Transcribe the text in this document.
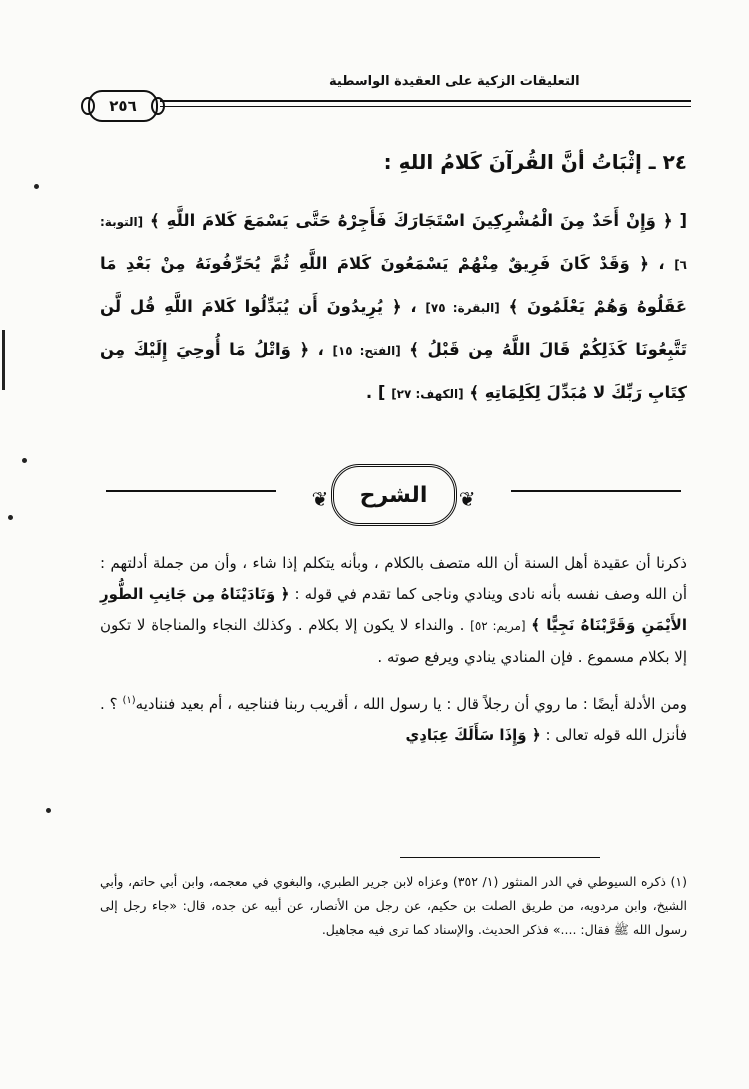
التعليقات الزكية على العقيدة الواسطية
٢٥٦
٢٤ ـ إثْبَاتُ أنَّ القُرآنَ كَلامُ اللهِ :
[ ﴿ وَإِنْ أَحَدٌ مِنَ الْمُشْرِكِينَ اسْتَجَارَكَ فَأَجِرْهُ حَتَّى يَسْمَعَ كَلامَ اللَّهِ ﴾ [التوبة: ٦] ، ﴿ وَقَدْ كَانَ فَرِيقٌ مِنْهُمْ يَسْمَعُونَ كَلامَ اللَّهِ ثُمَّ يُحَرِّفُونَهُ مِنْ بَعْدِ مَا عَقَلُوهُ وَهُمْ يَعْلَمُونَ ﴾ [البقرة: ٧٥] ، ﴿ يُرِيدُونَ أَن يُبَدِّلُوا كَلامَ اللَّهِ قُل لَّن تَتَّبِعُونَا كَذَلِكُمْ قَالَ اللَّهُ مِن قَبْلُ ﴾ [الفتح: ١٥] ، ﴿ وَاتْلُ مَا أُوحِيَ إِلَيْكَ مِن كِتَابِ رَبِّكَ لا مُبَدِّلَ لِكَلِمَاتِهِ ﴾ [الكهف: ٢٧] ] .
❦ الشرح ❦

ذكرنا أن عقيدة أهل السنة أن الله متصف بالكلام ، وبأنه يتكلم إذا شاء ، وأن من جملة أدلتهم : أن الله وصف نفسه بأنه نادى وينادي وناجى كما تقدم في قوله : ﴿ وَنَادَيْنَاهُ مِن جَانِبِ الطُّورِ الأَيْمَنِ وَقَرَّبْنَاهُ نَجِيًّا ﴾ [مريم: ٥٢] . والنداء لا يكون إلا بكلام . وكذلك النجاء والمناجاة لا تكون إلا بكلام مسموع . فإن المنادي ينادي ويرفع صوته .

ومن الأدلة أيضًا : ما روي أن رجلاً قال : يا رسول الله ، أقريب ربنا فنناجيه ، أم بعيد فنناديه$^{(١)}$ ؟ . فأنزل الله قوله تعالى : ﴿ وَإِذَا سَأَلَكَ عِبَادِي

(١) ذكره السيوطي في الدر المنثور (١/ ٣٥٢) وعزاه لابن جرير الطبري، والبغوي في معجمه، وابن أبي حاتم، وأبي الشيخ، وابن مردويه، من طريق الصلت بن حكيم، عن رجل من الأنصار، عن أبيه عن جده، قال: «جاء رجل إلى رسول الله ﷺ فقال: ....» فذكر الحديث. والإسناد كما ترى فيه مجاهيل.
